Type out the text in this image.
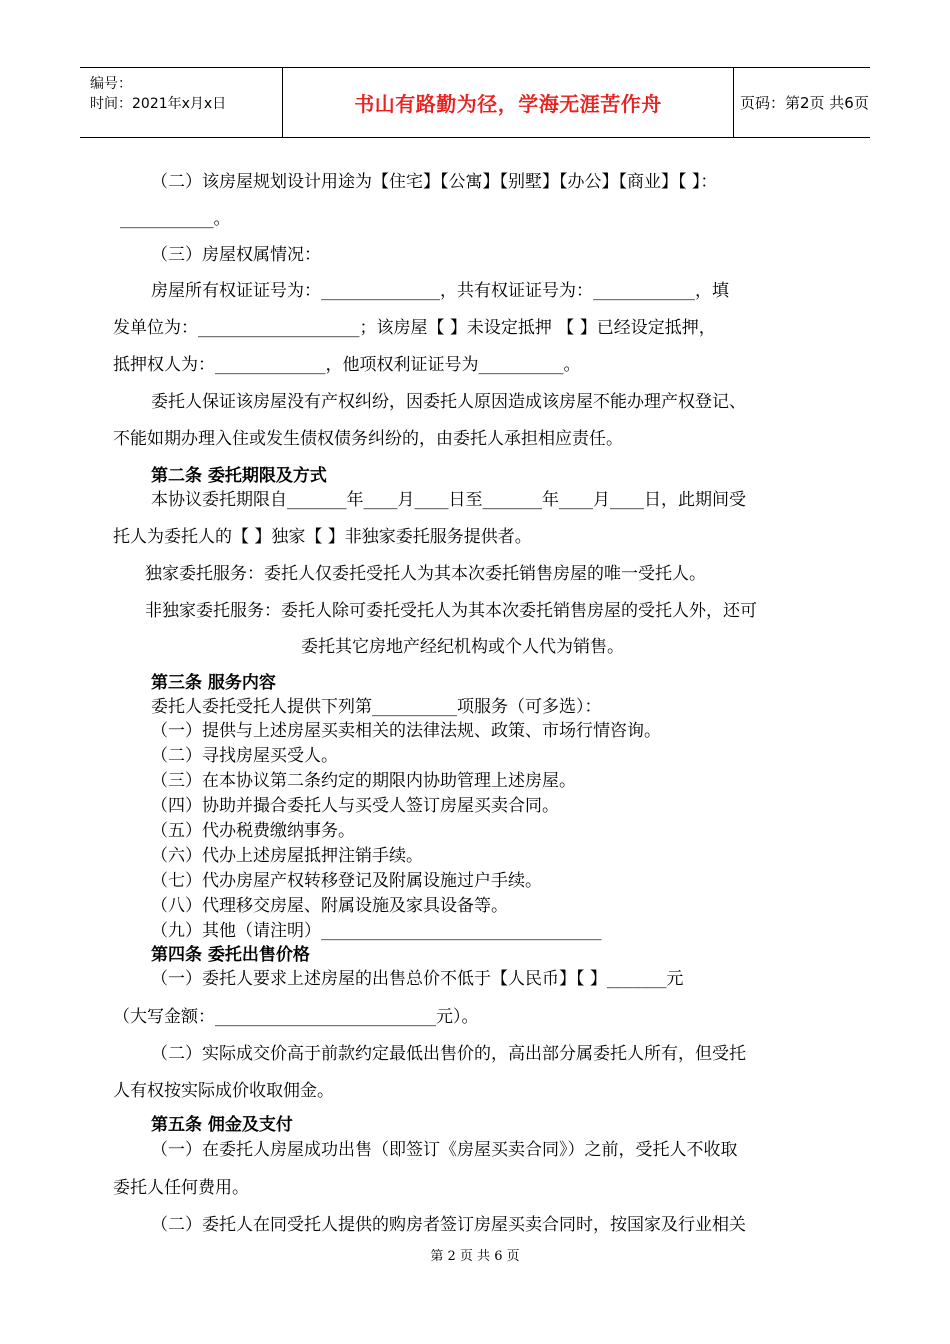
编号：
时间：2021年x月x日	书山有路勤为径，学海无涯苦作舟	页码：第2页 共6页
（二）该房屋规划设计用途为【住宅】【公寓】【别墅】【办公】【商业】【 】：
___________。
（三）房屋权属情况：
房屋所有权证证号为：______________，共有权证证号为：____________，填
发单位为：___________________；该房屋【 】未设定抵押 【 】已经设定抵押，
抵押权人为：_____________，他项权利证证号为__________。
委托人保证该房屋没有产权纠纷，因委托人原因造成该房屋不能办理产权登记、
不能如期办理入住或发生债权债务纠纷的，由委托人承担相应责任。
第二条 委托期限及方式
本协议委托期限自_______年____月____日至_______年____月____日，此期间受
托人为委托人的【 】独家【 】非独家委托服务提供者。
独家委托服务：委托人仅委托受托人为其本次委托销售房屋的唯一受托人。
非独家委托服务：委托人除可委托受托人为其本次委托销售房屋的受托人外，还可
委托其它房地产经纪机构或个人代为销售。
第三条 服务内容
委托人委托受托人提供下列第__________项服务（可多选）：
（一）提供与上述房屋买卖相关的法律法规、政策、市场行情咨询。
（二）寻找房屋买受人。
（三）在本协议第二条约定的期限内协助管理上述房屋。
（四）协助并撮合委托人与买受人签订房屋买卖合同。
（五）代办税费缴纳事务。
（六）代办上述房屋抵押注销手续。
（七）代办房屋产权转移登记及附属设施过户手续。
（八）代理移交房屋、附属设施及家具设备等。
（九）其他（请注明）_________________________________
第四条 委托出售价格
（一）委托人要求上述房屋的出售总价不低于【人民币】【 】_______元
（大写金额：__________________________元）。
（二）实际成交价高于前款约定最低出售价的，高出部分属委托人所有，但受托
人有权按实际成价收取佣金。
第五条 佣金及支付
（一）在委托人房屋成功出售（即签订《房屋买卖合同》）之前，受托人不收取
委托人任何费用。
（二）委托人在同受托人提供的购房者签订房屋买卖合同时，按国家及行业相关
第 2 页 共 6 页
